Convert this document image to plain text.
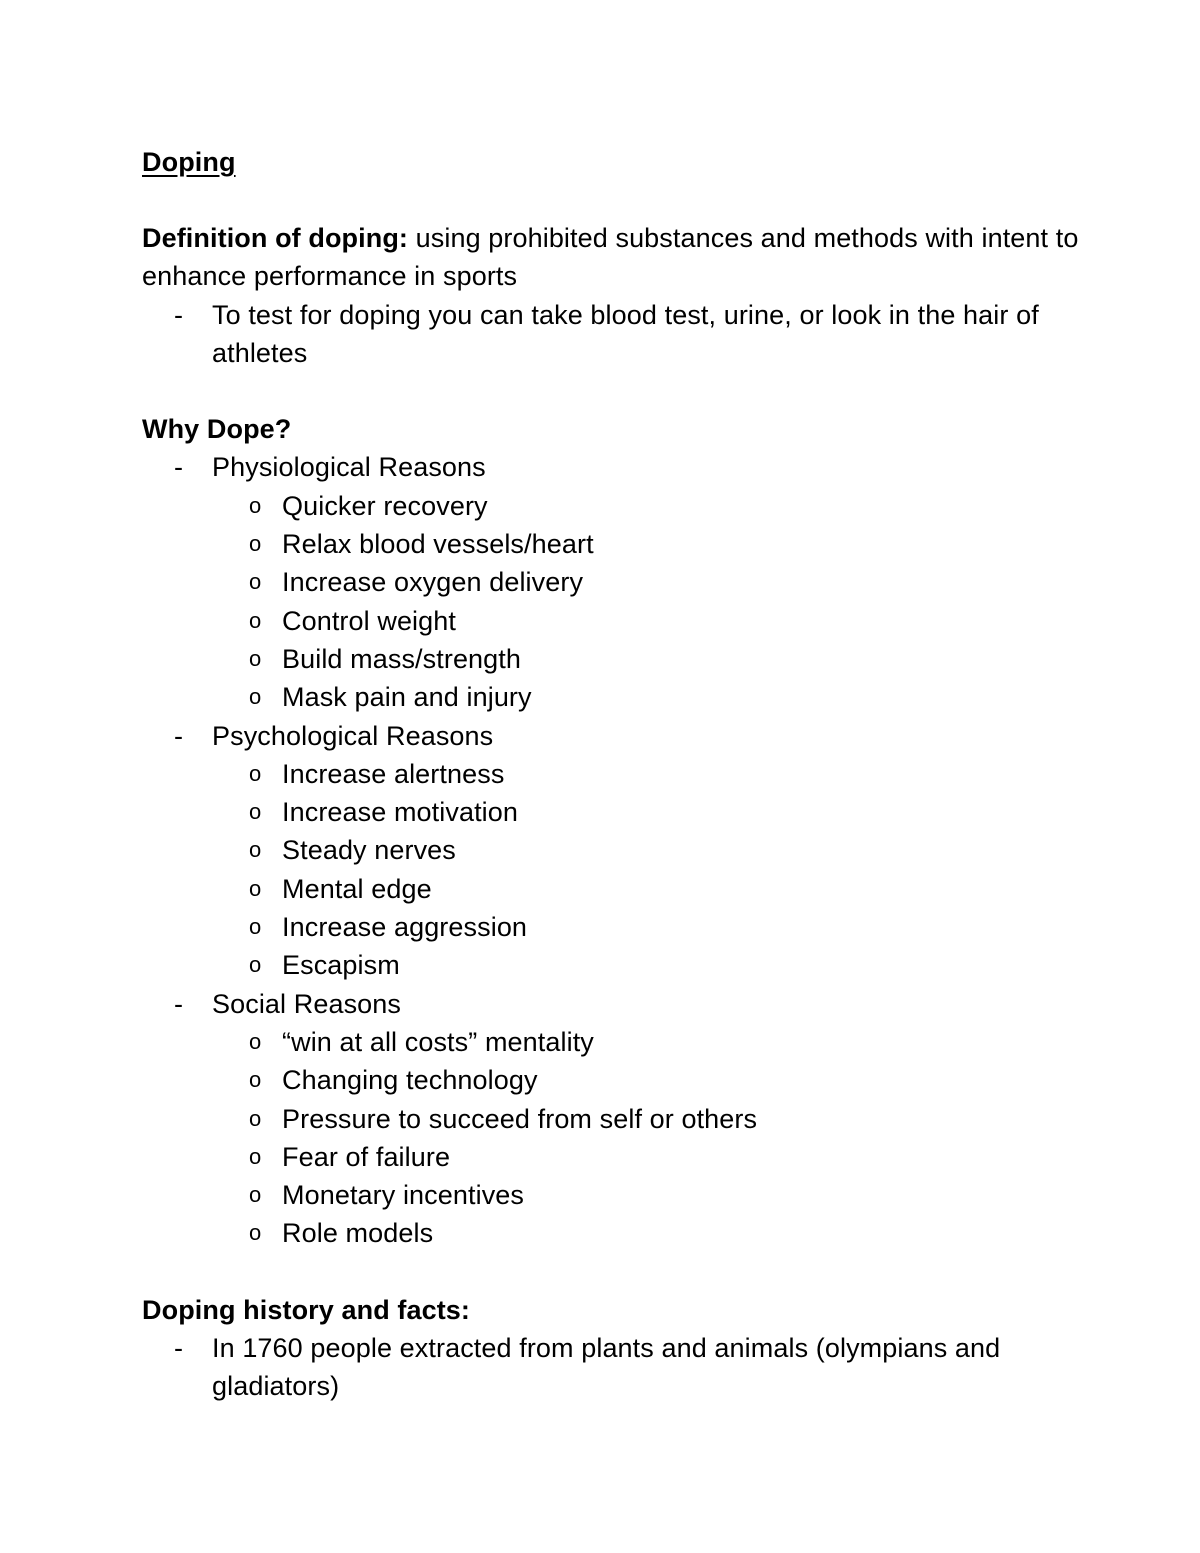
Doping

Definition of doping: using prohibited substances and methods with intent to enhance performance in sports

- To test for doping you can take blood test, urine, or look in the hair of athletes

Why Dope?

- Physiological Reasons
o Quicker recovery
o Relax blood vessels/heart
o Increase oxygen delivery
o Control weight
o Build mass/strength
o Mask pain and injury
- Psychological Reasons
o Increase alertness
o Increase motivation
o Steady nerves
o Mental edge
o Increase aggression
o Escapism
- Social Reasons
o “win at all costs” mentality
o Changing technology
o Pressure to succeed from self or others
o Fear of failure
o Monetary incentives
o Role models

Doping history and facts:

- In 1760 people extracted from plants and animals (olympians and gladiators)
